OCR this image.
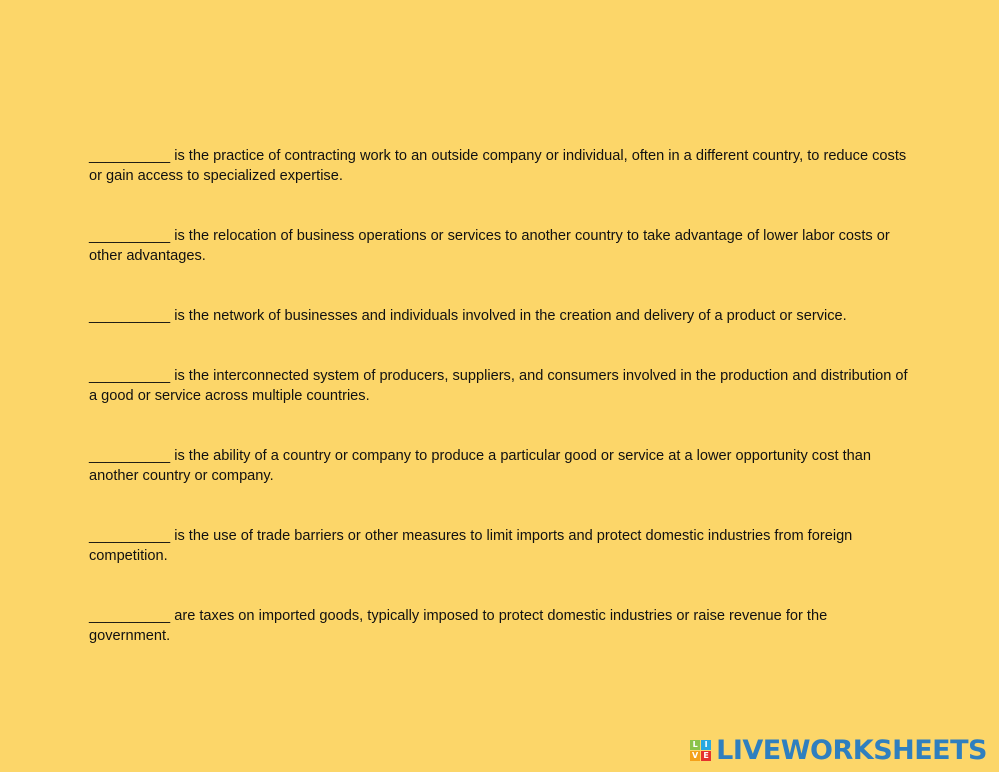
__________ is the practice of contracting work to an outside company or individual, often in a different country, to reduce costs or gain access to specialized expertise.

__________ is the relocation of business operations or services to another country to take advantage of lower labor costs or other advantages.

__________ is the network of businesses and individuals involved in the creation and delivery of a product or service.

__________ is the interconnected system of producers, suppliers, and consumers involved in the production and distribution of a good or service across multiple countries.

__________ is the ability of a country or company to produce a particular good or service at a lower opportunity cost than another country or company.

__________ is the use of trade barriers or other measures to limit imports and protect domestic industries from foreign competition.

__________ are taxes on imported goods, typically imposed to protect domestic industries or raise revenue for the government.

L I
V E LIVEWORKSHEETS
